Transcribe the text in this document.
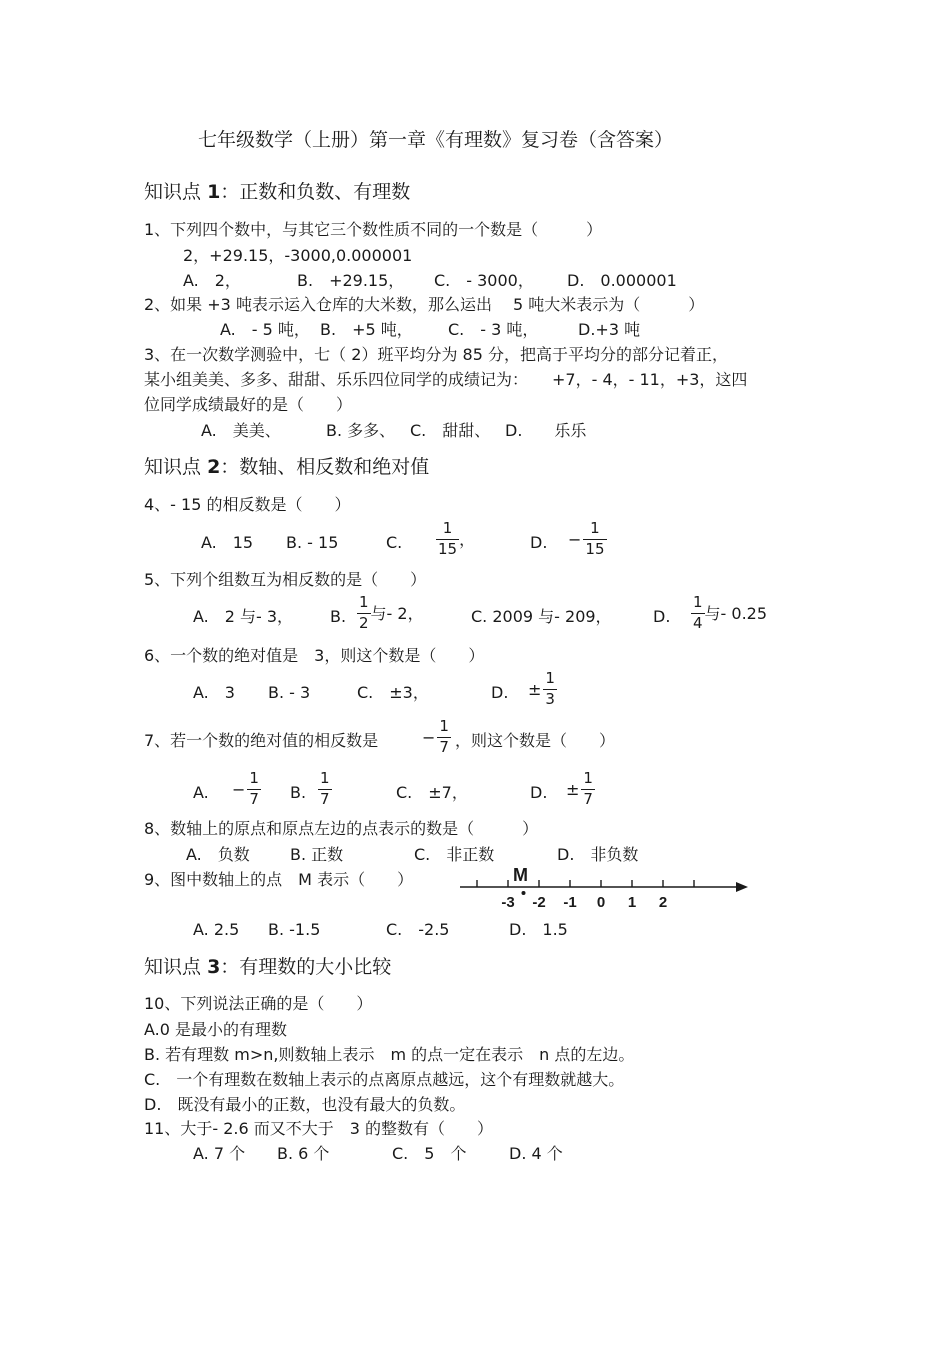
七年级数学（上册）第一章《有理数》复习卷（含答案）
知识点 1：正数和负数、有理数
1、下列四个数中，与其它三个数性质不同的一个数是（　　　）
2，+29.15，-3000,0.000001
A.　2，	B.　+29.15， C.　- 3000， D.　0.000001
2、如果 +3 吨表示运入仓库的大米数，那么运出　 5 吨大米表示为（　　　）
A.　- 5 吨， B.　+5 吨， C.　- 3 吨， D.+3 吨
3、在一次数学测验中，七（ 2）班平均分为 85 分，把高于平均分的部分记着正，
某小组美美、多多、甜甜、乐乐四位同学的成绩记为：　　+7，- 4，- 11，+3，这四
位同学成绩最好的是（　　）
A.　美美、	B. 多多、 C.　甜甜、 D.　　乐乐
知识点 2：数轴、相反数和绝对值
4、- 15 的相反数是（　　）
A.　15 B. - 15	C. $\frac{1}{15}$ ，	D. − $\frac{1}{15}$
5、下列个组数互为相反数的是（　　）
A.　2 与- 3， B. $\frac{1}{2}$ 与- 2，	C. 2009 与- 209，	D. $\frac{1}{4}$ 与- 0.25
6、一个数的绝对值是　3，则这个数是（　　）
A.　3 B. - 3	C.　±3，	D. ± $\frac{1}{3}$
7、若一个数的绝对值的相反数是	− $\frac{1}{7}$ ，则这个数是（　　）
A. − $\frac{1}{7} B$. $\frac{1}{7}$	C.　±7，	D. ± $\frac{1}{7}$
8、数轴上的原点和原点左边的点表示的数是（　　　）
A.　负数	B. 正数	C.　非正数	D.　非负数
9、图中数轴上的点　M 表示（　　）
-3 -2 -1 0 1 2
M
A. 2.5 B. -1.5	C.　-2.5	D.　1.5
知识点 3：有理数的大小比较
10、下列说法正确的是（　　）
A.0 是最小的有理数
B. 若有理数 m>n,则数轴上表示　m 的点一定在表示　n 点的左边。
C.　一个有理数在数轴上表示的点离原点越远，这个有理数就越大。
D.　既没有最小的正数，也没有最大的负数。
11、大于- 2.6 而又不大于　3 的整数有（　　）
A. 7 个 B. 6 个	C.　5　个	D. 4 个
